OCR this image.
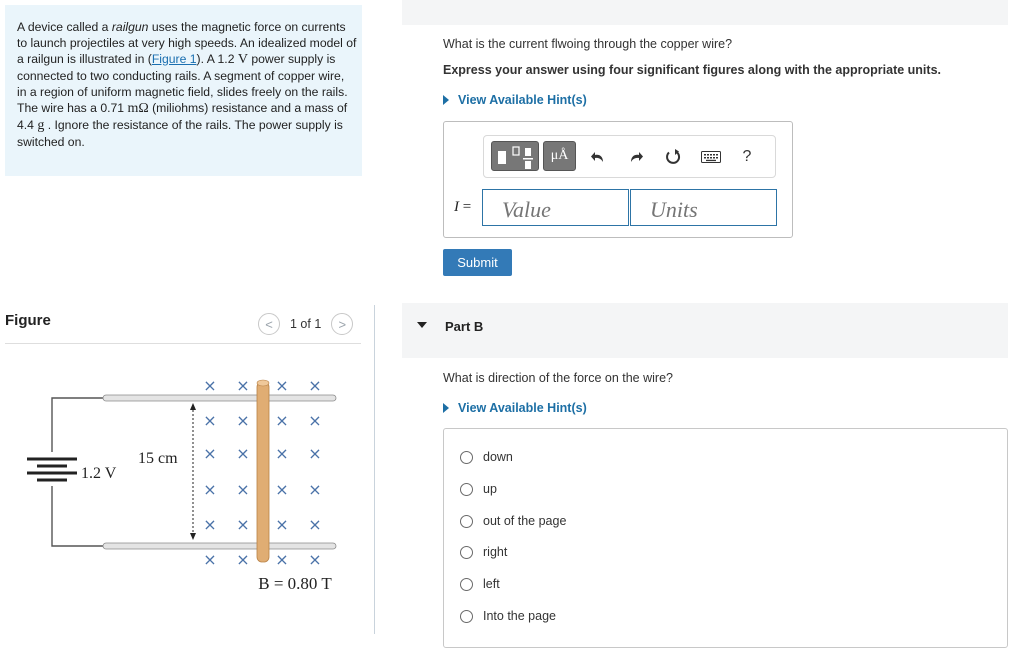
A device called a railgun uses the magnetic force on currents to launch projectiles at very high speeds. An idealized model of a railgun is illustrated in (Figure 1). A 1.2 V power supply is connected to two conducting rails. A segment of copper wire, in a region of uniform magnetic field, slides freely on the rails. The wire has a 0.71 mΩ (miliohms) resistance and a mass of 4.4 g . Ignore the resistance of the rails. The power supply is switched on.
Figure	< 1 of 1 >
1.2 V
15 cm
× × × ×
× × × ×
× × × ×
× × × ×
× × × ×
× × × ×
B = 0.80 T
What is the current flwoing through the copper wire?
Express your answer using four significant figures along with the appropriate units.
View Available Hint(s)
μÅ	?
I =
Value
Units
Submit
Part B
What is direction of the force on the wire?
View Available Hint(s)
down
up
out of the page
right
left
Into the page
